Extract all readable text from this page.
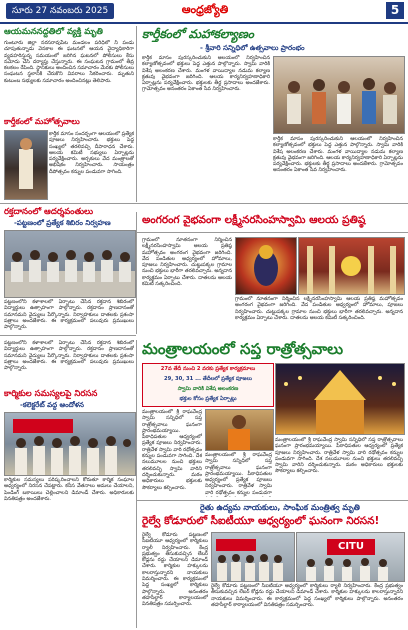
సూరు 27 నవంబరు 2025	ఆంధ్రజ్యోతి	5
ఆయమననద్దతిలో వ్యక్తి మృతి
గుంటూరు జిల్లా నరసరావుపేట మండలం పరిధిలో నీ పండు చూపుతున్నాడు వెనకాల ఈ ఘటనలో ఆయన వైద్యాధికారిగా వ్యవహరిస్తున్న సమయంలో జరిగిన ఘటనలో పోలీసులు కేసు నమోదు చేసి దర్యాప్తు చేస్తున్నారు. ఈ సంఘటన గ్రామంలో తీవ్ర కలకలం రేపింది. స్థానికులు అందించిన సమాచారం మేరకు పోలీసులు సంఘటన స్థలానికి చేరుకొని వివరాలు సేకరించారు. మృతుని కుటుంబ సభ్యులకు సమాచారం అందించినట్లు తెలిపారు.
కార్తీకంలో మహోత్సవాలు
కార్తీక మాసం సందర్భంగా ఆలయంలో ప్రత్యేక పూజలు నిర్వహించారు. భక్తులు పెద్ద సంఖ్యలో తరలివచ్చి దీపారాధన చేశారు. ఆలయ కమిటీ సభ్యులు ఏర్పాట్లను పర్యవేక్షించారు. అర్చకులు వేద మంత్రాలతో అభిషేకం నిర్వహించారు. సాయంత్రం దీపోత్సవం కన్నుల పండువగా సాగింది.
కార్తీకంలో మహాకల్యాణం
- శ్రీవారి సన్నిధిలో ఉత్సవాలు ప్రారంభం
కార్తీక మాసం పురస్కరించుకుని ఆలయంలో నిర్వహించిన కల్యాణోత్సవంలో భక్తులు పెద్ద ఎత్తున పాల్గొన్నారు. స్వామి వారికి విశేష అలంకరణ చేశారు. మంగళ వాయిద్యాల నడుమ కల్యాణ క్రతువు వైభవంగా జరిగింది. ఆలయ కార్యనిర్వహణాధికారి ఏర్పాట్లను పర్యవేక్షించారు. భక్తులకు తీర్థ ప్రసాదాలు అందజేశారు. గ్రామోత్సవం అనంతరం ఏకాంత సేవ నిర్వహించారు.
కార్తీక మాసం పురస్కరించుకుని ఆలయంలో నిర్వహించిన కల్యాణోత్సవంలో భక్తులు పెద్ద ఎత్తున పాల్గొన్నారు. స్వామి వారికి విశేష అలంకరణ చేశారు. మంగళ వాయిద్యాల నడుమ కల్యాణ క్రతువు వైభవంగా జరిగింది. ఆలయ కార్యనిర్వహణాధికారి ఏర్పాట్లను పర్యవేక్షించారు. భక్తులకు తీర్థ ప్రసాదాలు అందజేశారు. గ్రామోత్సవం అనంతరం ఏకాంత సేవ నిర్వహించారు.
రక్తదానంలో ఆదర్శవంతులు
-పట్టణంలో ప్రత్యేక శిబిరం నిర్వహణ
పట్టణంలోని కళాశాలలో ఏర్పాటు చేసిన రక్తదాన శిబిరంలో విద్యార్థులు ఉత్సాహంగా పాల్గొన్నారు. రక్తదానం ప్రాణదానంతో సమానమని వైద్యులు పేర్కొన్నారు. నిర్వాహకులు దాతలకు ప్రశంసా పత్రాలు అందజేశారు. ఈ కార్యక్రమంలో పలువురు ప్రముఖులు పాల్గొన్నారు.
అంగరంగ వైభవంగా లక్ష్మీనరసింహస్వామి ఆలయ ప్రతిష్ఠ
గ్రామంలో నూతనంగా నిర్మించిన లక్ష్మీనరసింహస్వామి ఆలయ ప్రతిష్ఠ మహోత్సవం అంగరంగ వైభవంగా జరిగింది. వేద పండితుల ఆధ్వర్యంలో హోమాలు, పూజలు నిర్వహించారు. చుట్టుపక్కల గ్రామాల నుంచి భక్తులు భారీగా తరలివచ్చారు. అన్నదాన కార్యక్రమం ఏర్పాటు చేశారు. దాతలను ఆలయ కమిటీ సత్కరించింది.
గ్రామంలో నూతనంగా నిర్మించిన లక్ష్మీనరసింహస్వామి ఆలయ ప్రతిష్ఠ మహోత్సవం అంగరంగ వైభవంగా జరిగింది. వేద పండితుల ఆధ్వర్యంలో హోమాలు, పూజలు నిర్వహించారు. చుట్టుపక్కల గ్రామాల నుంచి భక్తులు భారీగా తరలివచ్చారు. అన్నదాన కార్యక్రమం ఏర్పాటు చేశారు. దాతలను ఆలయ కమిటీ సత్కరించింది.
మంత్రాలయంలో సప్త రాత్రోత్సవాలు
27వ తేదీ నుంచి 2 వరకు ప్రత్యేక కార్యక్రమాలు
29, 30, 31 ... తేదీలలో ప్రత్యేక పూజలు
స్వామి వారికి విశేష అలంకరణ
భక్తుల కోసం ప్రత్యేక ఏర్పాట్లు
మంత్రాలయంలో శ్రీ రాఘవేంద్ర స్వామి సన్నిధిలో సప్త రాత్రోత్సవాలు ఘనంగా ప్రారంభమయ్యాయి. పీఠాధిపతుల ఆధ్వర్యంలో ప్రత్యేక పూజలు నిర్వహించారు. రాత్రివేళ స్వామి వారి రథోత్సవం కన్నుల పండువగా సాగింది. దేశ నలుమూలల నుంచి భక్తులు తరలివచ్చి స్వామి వారిని దర్శించుకున్నారు. మఠం అధికారులు భక్తులకు సౌకర్యాలు కల్పించారు.
మంత్రాలయంలో శ్రీ రాఘవేంద్ర స్వామి సన్నిధిలో సప్త రాత్రోత్సవాలు ఘనంగా ప్రారంభమయ్యాయి. పీఠాధిపతుల ఆధ్వర్యంలో ప్రత్యేక పూజలు నిర్వహించారు. రాత్రివేళ స్వామి వారి రథోత్సవం కన్నుల పండువగా
మంత్రాలయంలో శ్రీ రాఘవేంద్ర స్వామి సన్నిధిలో సప్త రాత్రోత్సవాలు ఘనంగా ప్రారంభమయ్యాయి. పీఠాధిపతుల ఆధ్వర్యంలో ప్రత్యేక పూజలు నిర్వహించారు. రాత్రివేళ స్వామి వారి రథోత్సవం కన్నుల పండువగా సాగింది. దేశ నలుమూలల నుంచి భక్తులు తరలివచ్చి స్వామి వారిని దర్శించుకున్నారు. మఠం అధికారులు భక్తులకు సౌకర్యాలు కల్పించారు.
పట్టణంలోని కళాశాలలో ఏర్పాటు చేసిన రక్తదాన శిబిరంలో విద్యార్థులు ఉత్సాహంగా పాల్గొన్నారు. రక్తదానం ప్రాణదానంతో సమానమని వైద్యులు పేర్కొన్నారు. నిర్వాహకులు దాతలకు ప్రశంసా పత్రాలు అందజేశారు. ఈ కార్యక్రమంలో పలువురు ప్రముఖులు పాల్గొన్నారు.
కార్మికుల సమస్యలపై నిరసన
-కలెక్టరేట్ వద్ద ఆందోళన
కార్మికుల సమస్యలు పరిష్కరించాలని కోరుతూ కార్మిక సంఘాల ఆధ్వర్యంలో నిరసన చేపట్టారు. కనీస వేతనాలు అమలు చేయాలని, పెండింగ్ బకాయిలు చెల్లించాలని డిమాండ్ చేశారు. అధికారులకు వినతిపత్రం అందజేశారు.
రైతు ఉద్యమ నాయకులు, సాంఘిక మంత్రిత్వ మృతి
రైల్వే కోడూరులో సీఐటీయూ ఆధ్వర్యంలో ఘనంగా నిరసన!
రైల్వే కోడూరు పట్టణంలో సీఐటీయూ ఆధ్వర్యంలో కార్మికులు ర్యాలీ నిర్వహించారు. కేంద్ర ప్రభుత్వం తీసుకువచ్చిన లేబర్ కోడ్లను రద్దు చేయాలని డిమాండ్ చేశారు. కార్మికుల హక్కులను కాలరాస్తున్నారని నాయకులు విమర్శించారు. ఈ కార్యక్రమంలో పెద్ద సంఖ్యలో కార్మికులు పాల్గొన్నారు. అనంతరం తహసీల్దార్ కార్యాలయంలో వినతిపత్రం సమర్పించారు.
CITU
రైల్వే కోడూరు పట్టణంలో సీఐటీయూ ఆధ్వర్యంలో కార్మికులు ర్యాలీ నిర్వహించారు. కేంద్ర ప్రభుత్వం తీసుకువచ్చిన లేబర్ కోడ్లను రద్దు చేయాలని డిమాండ్ చేశారు. కార్మికుల హక్కులను కాలరాస్తున్నారని నాయకులు విమర్శించారు. ఈ కార్యక్రమంలో పెద్ద సంఖ్యలో కార్మికులు పాల్గొన్నారు. అనంతరం తహసీల్దార్ కార్యాలయంలో వినతిపత్రం సమర్పించారు.
